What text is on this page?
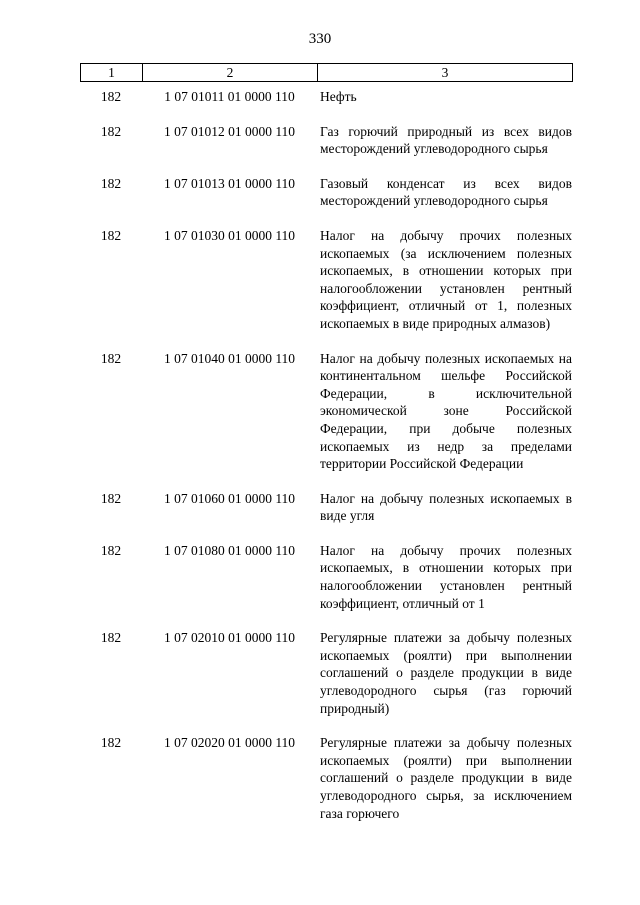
330
1	2	3
182	1 07 01011 01 0000 110	Нефть
182	1 07 01012 01 0000 110	Газ горючий природный из всех видов месторождений углеводородного сырья
182	1 07 01013 01 0000 110	Газовый конденсат из всех видов месторождений углеводородного сырья
182	1 07 01030 01 0000 110	Налог на добычу прочих полезных ископаемых (за исключением полезных ископаемых, в отношении которых при налогообложении установлен рентный коэффициент, отличный от 1, полезных ископаемых в виде природных алмазов)
182	1 07 01040 01 0000 110	Налог на добычу полезных ископаемых на континентальном шельфе Российской Федерации, в исключительной экономической зоне Российской Федерации, при добыче полезных ископаемых из недр за пределами территории Российской Федерации
182	1 07 01060 01 0000 110	Налог на добычу полезных ископаемых в виде угля
182	1 07 01080 01 0000 110	Налог на добычу прочих полезных ископаемых, в отношении которых при налогообложении установлен рентный коэффициент, отличный от 1
182	1 07 02010 01 0000 110	Регулярные платежи за добычу полезных ископаемых (роялти) при выполнении соглашений о разделе продукции в виде углеводородного сырья (газ горючий природный)
182	1 07 02020 01 0000 110	Регулярные платежи за добычу полезных ископаемых (роялти) при выполнении соглашений о разделе продукции в виде углеводородного сырья, за исключением газа горючего
